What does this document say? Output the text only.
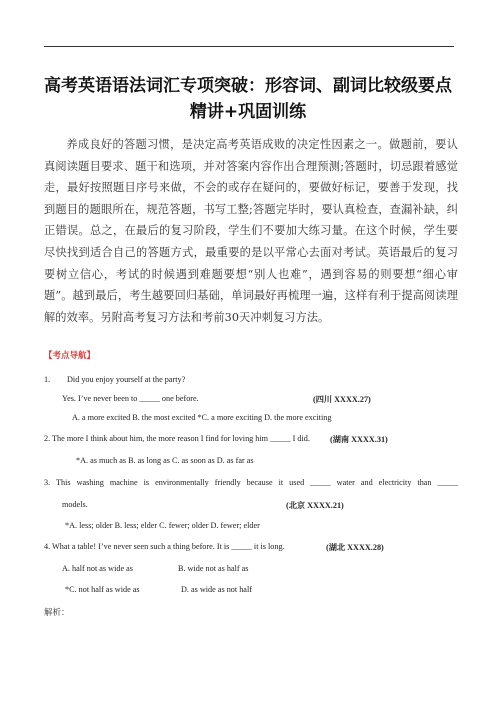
高考英语语法词汇专项突破：形容词、副词比较级要点
精讲+巩固训练
养成良好的答题习惯，是决定高考英语成败的决定性因素之一。做题前，要认真阅读题目要求、题干和选项，并对答案内容作出合理预测;答题时，切忌跟着感觉走，最好按照题目序号来做，不会的或存在疑问的，要做好标记，要善于发现，找到题目的题眼所在，规范答题，书写工整;答题完毕时，要认真检查，查漏补缺，纠正错误。总之，在最后的复习阶段，学生们不要加大练习量。在这个时候，学生要尽快找到适合自己的答题方式，最重要的是以平常心去面对考试。英语最后的复习要树立信心，考试的时候遇到难题要想“别人也难”，遇到容易的则要想“细心审题”。越到最后，考生越要回归基础，单词最好再梳理一遍，这样有利于提高阅读理解的效率。另附高考复习方法和考前30天冲刺复习方法。
【考点导航】
1. Did you enjoy yourself at the party?
Yes. I’ve never been to _____ one before.	(四川 XXXX.27)
A. a more excited B. the most excited *C. a more exciting D. the more exciting
2. The more I think about him, the more reason I find for loving him _____ I did. (湖南 XXXX.31)
*A. as much as B. as long as C. as soon as D. as far as
3. This washing machine is environmentally friendly because it used _____ water and electricity than _____
models.	(北京 XXXX.21)
*A. less; older B. less; elder C. fewer; older D. fewer; elder
4. What a table! I’ve never seen such a thing before. It is _____ it is long.	(湖北 XXXX.28)
A. half not as wide as	B. wide not as half as
*C. not half as wide as	D. as wide as not half
解析：
